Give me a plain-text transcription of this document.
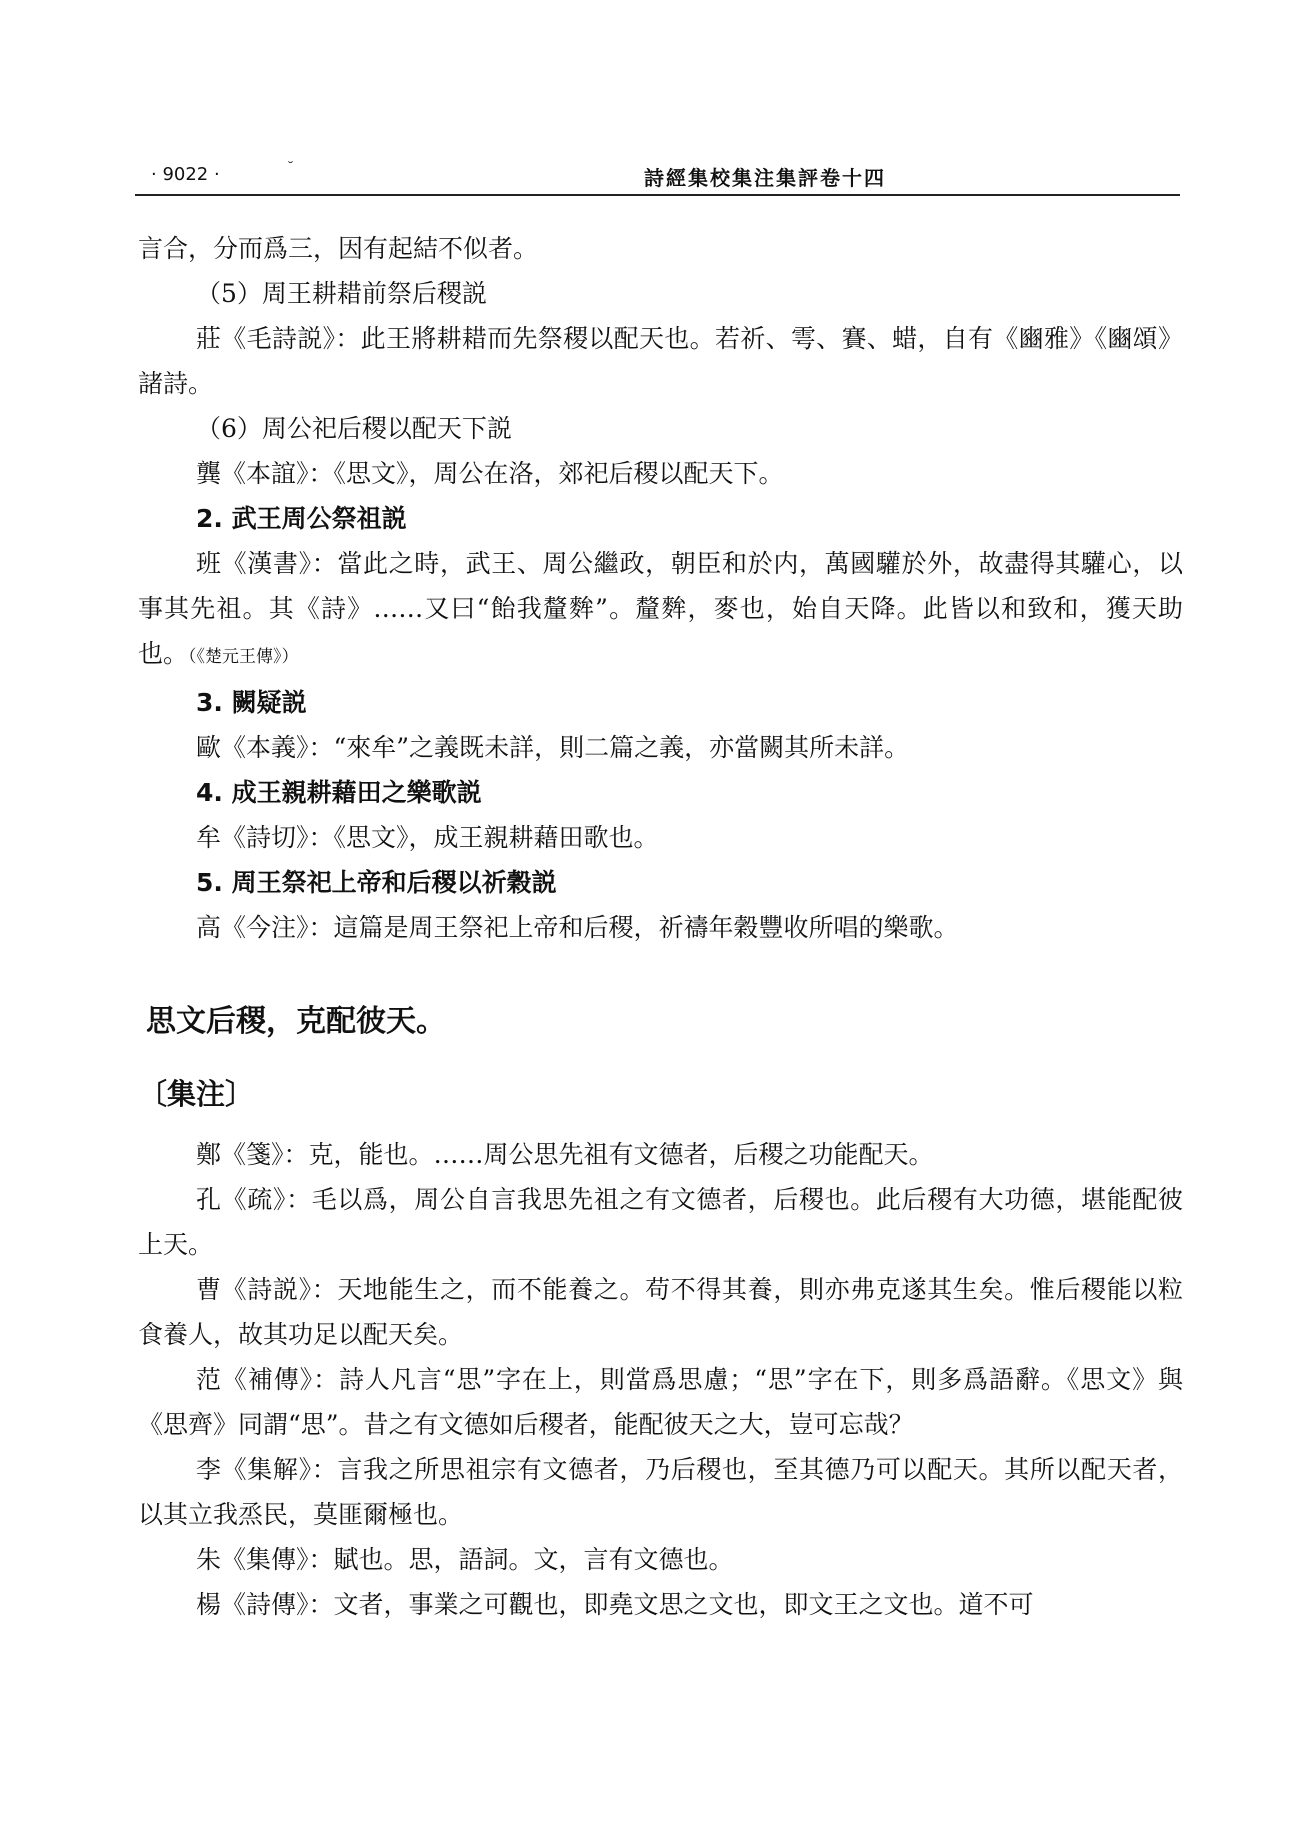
· 9022 ·	˘	詩經集校集注集評卷十四

言合，分而爲三，因有起結不似者。

（5）周王耕耤前祭后稷説

莊《毛詩説》：此王將耕耤而先祭稷以配天也。若祈、雩、賽、蜡，自有《豳雅》《豳頌》諸詩。

（6）周公祀后稷以配天下説

龔《本誼》：《思文》，周公在洛，郊祀后稷以配天下。

2. 武王周公祭祖説

班《漢書》：當此之時，武王、周公繼政，朝臣和於内，萬國驩於外，故盡得其驩心，以事其先祖。其《詩》……又曰“飴我釐麰”。釐麰，麥也，始自天降。此皆以和致和，獲天助也。（《楚元王傳》）

3. 闕疑説

歐《本義》：“來牟”之義既未詳，則二篇之義，亦當闕其所未詳。

4. 成王親耕藉田之樂歌説

牟《詩切》：《思文》，成王親耕藉田歌也。

5. 周王祭祀上帝和后稷以祈穀説

高《今注》：這篇是周王祭祀上帝和后稷，祈禱年穀豐收所唱的樂歌。

思文后稷，克配彼天。

〔集注〕

鄭《箋》：克，能也。……周公思先祖有文德者，后稷之功能配天。

孔《疏》：毛以爲，周公自言我思先祖之有文德者，后稷也。此后稷有大功德，堪能配彼上天。

曹《詩説》：天地能生之，而不能養之。苟不得其養，則亦弗克遂其生矣。惟后稷能以粒食養人，故其功足以配天矣。

范《補傳》：詩人凡言“思”字在上，則當爲思慮；“思”字在下，則多爲語辭。《思文》與《思齊》同謂“思”。昔之有文德如后稷者，能配彼天之大，豈可忘哉？

李《集解》：言我之所思祖宗有文德者，乃后稷也，至其德乃可以配天。其所以配天者，以其立我烝民，莫匪爾極也。

朱《集傳》：賦也。思，語詞。文，言有文德也。

楊《詩傳》：文者，事業之可觀也，即堯文思之文也，即文王之文也。道不可
